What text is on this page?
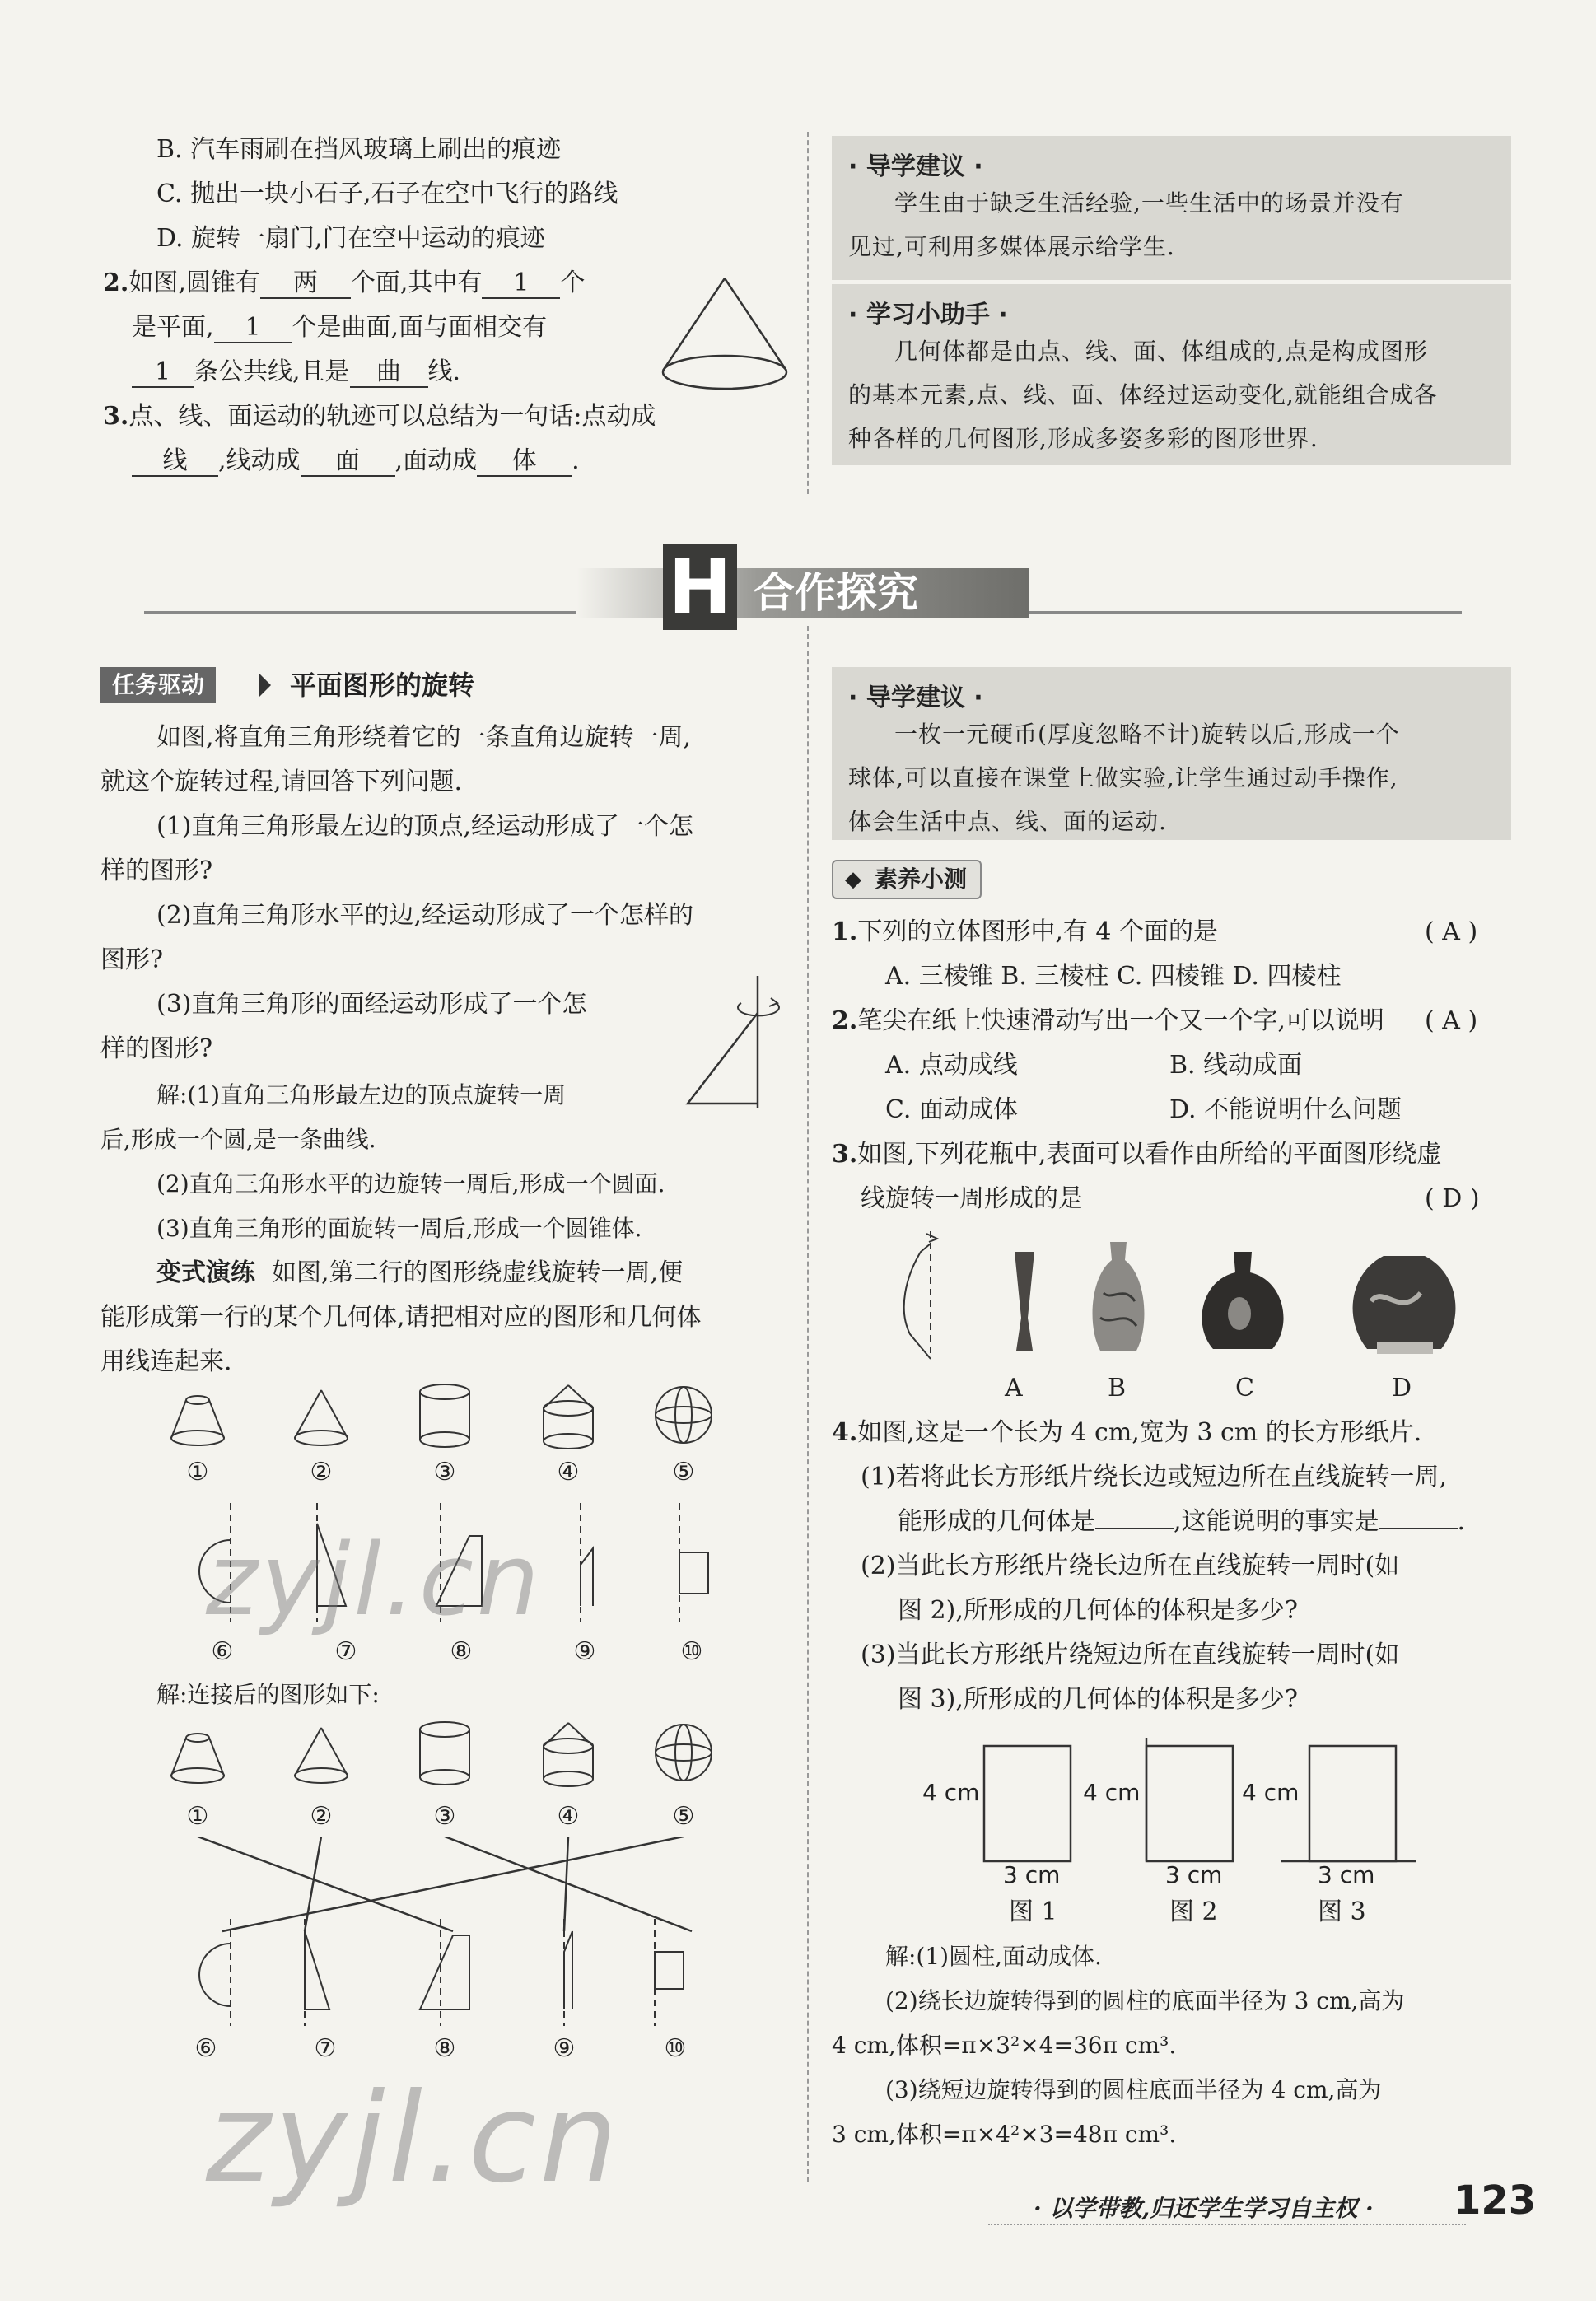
B. 汽车雨刷在挡风玻璃上刷出的痕迹
C. 抛出一块小石子,石子在空中飞行的路线
D. 旋转一扇门,门在空中运动的痕迹
2.如图,圆锥有 两 个面,其中有 1 个
是平面, 1 个是曲面,面与面相交有
1 条公共线,且是 曲 线.
3.点、线、面运动的轨迹可以总结为一句话:点动成
线 ,线动成 面 ,面动成 体 .
· 导学建议 ·
学生由于缺乏生活经验,一些生活中的场景并没有
见过,可利用多媒体展示给学生.
· 学习小助手 ·
几何体都是由点、线、面、体组成的,点是构成图形
的基本元素,点、线、面、体经过运动变化,就能组合成各
种各样的几何图形,形成多姿多彩的图形世界.
H 合作探究
任务驱动	平面图形的旋转
如图,将直角三角形绕着它的一条直角边旋转一周,
就这个旋转过程,请回答下列问题.
(1)直角三角形最左边的顶点,经运动形成了一个怎
样的图形?
(2)直角三角形水平的边,经运动形成了一个怎样的
图形?
(3)直角三角形的面经运动形成了一个怎
样的图形?
解:(1)直角三角形最左边的顶点旋转一周
后,形成一个圆,是一条曲线.
(2)直角三角形水平的边旋转一周后,形成一个圆面.
(3)直角三角形的面旋转一周后,形成一个圆锥体.
变式演练 如图,第二行的图形绕虚线旋转一周,便
能形成第一行的某个几何体,请把相对应的图形和几何体
用线连起来.
①	②	③	④	⑤
⑥	⑦	⑧	⑨	⑩
解:连接后的图形如下:
①	②	③	④	⑤
⑥	⑦	⑧	⑨	⑩
zyjl.cn
zyjl.cn
· 导学建议 ·
一枚一元硬币(厚度忽略不计)旋转以后,形成一个
球体,可以直接在课堂上做实验,让学生通过动手操作,
体会生活中点、线、面的运动.
◆ 素养小测
1.下列的立体图形中,有 4 个面的是	( A )
A. 三棱锥 B. 三棱柱 C. 四棱锥 D. 四棱柱
2.笔尖在纸上快速滑动写出一个又一个字,可以说明 ( A )
A. 点动成线	B. 线动成面
C. 面动成体	D. 不能说明什么问题
3.如图,下列花瓶中,表面可以看作由所给的平面图形绕虚
线旋转一周形成的是	( D )
A	B	C	D
4.如图,这是一个长为 4 cm,宽为 3 cm 的长方形纸片.
(1)若将此长方形纸片绕长边或短边所在直线旋转一周,
能形成的几何体是	,这能说明的事实是	.
(2)当此长方形纸片绕长边所在直线旋转一周时(如
图 2),所形成的几何体的体积是多少?
(3)当此长方形纸片绕短边所在直线旋转一周时(如
图 3),所形成的几何体的体积是多少?
4 cm	4 cm	4 cm
3 cm	3 cm	3 cm
图 1	图 2	图 3
解:(1)圆柱,面动成体.
(2)绕长边旋转得到的圆柱的底面半径为 3 cm,高为
4 cm,体积=π×3²×4=36π cm³.
(3)绕短边旋转得到的圆柱底面半径为 4 cm,高为
3 cm,体积=π×4²×3=48π cm³.
· 以学带教,归还学生学习自主权 · 123
